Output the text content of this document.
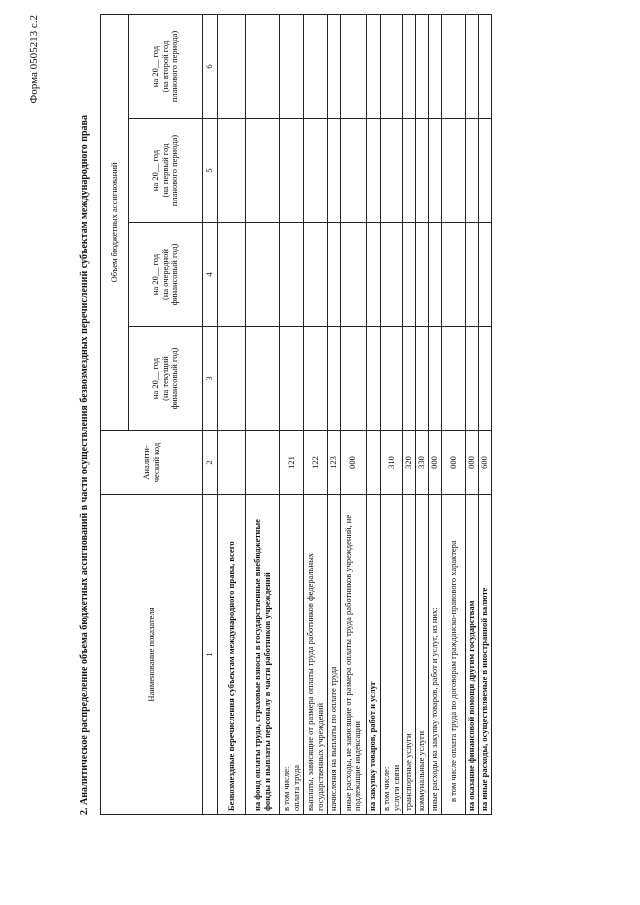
Форма 0505213 с.2
2. Аналитическое распределение объема бюджетных ассигнований в части осуществления безвозмездных перечислений субъектам международного права	Наименование показателя	Аналити-
ческий код	Объем бюджетных ассигнований			
		на 20__ год
(на текущий
финансовый год)	на 20__ год
(на очередной
финансовый год)	на 20__ год
(на первый год
планового периода)	на 20__ год
(на второй год
планового периода)
1	2	3	4	5	6
Безвозмездные перечисления субъектам международного права, всего					
на фонд оплаты труда, страховые взносы в государственные внебюджетные фонды и выплаты персоналу в части работников учреждений					
в том числе:
оплата труда	121				
выплаты, зависящие от размера оплаты труда работников федеральных государственных учреждений	122				
начисления на выплаты по оплате труда	123				
иные расходы, не зависящие от размера оплаты труда работников учреждений, не подлежащие индексации	000				
на закупку товаров, работ и услуг					
в том числе:
услуги связи	310				
транспортные услуги	320				
коммунальные услуги	330				
иные расходы на закупку товаров, работ и услуг, из них:	000				
в том числе оплата труда по договорам гражданско-правового характера	000				
на оказание финансовой помощи другим государствам	000				
на иные расходы, осуществляемые в иностранной валюте	600				
